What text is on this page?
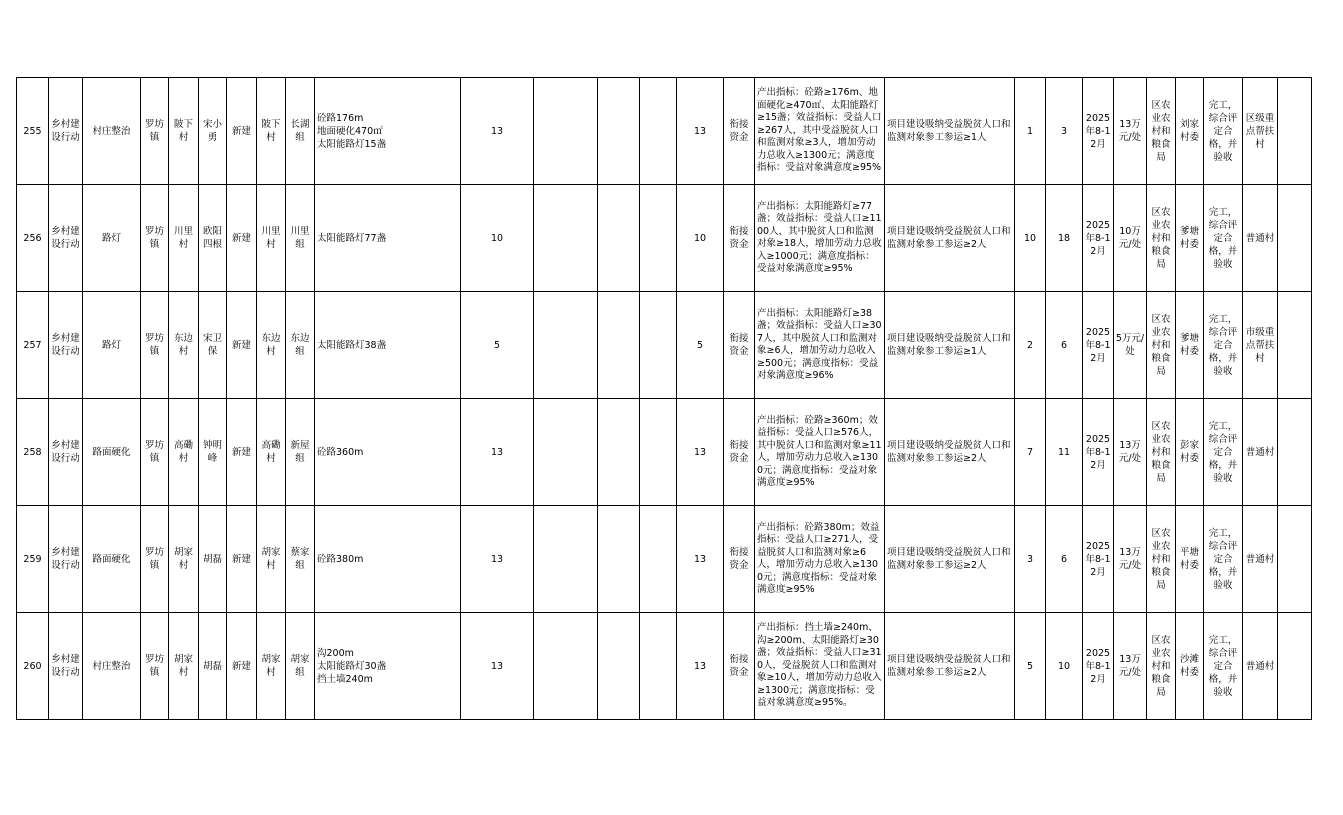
255	乡村建设行动	村庄整治	罗坊镇	陂下村	宋小勇	新建	陂下村	长湖组	砼路176m
地面硬化470㎡
太阳能路灯15盏	13				13	衔接资金	产出指标：砼路≥176m、地面硬化≥470㎡、太阳能路灯≥15盏；效益指标：受益人口≥267人，其中受益脱贫人口和监测对象≥3人，增加劳动力总收入≥1300元；满意度指标：受益对象满意度≥95%	项目建设吸纳受益脱贫人口和监测对象参工参运≥1人	1	3	2025年8-12月	13万元/处	区农业农村和粮食局	刘家村委	完工，综合评定合格，并验收	区级重点帮扶村	
256	乡村建设行动	路灯	罗坊镇	川里村	欧阳四根	新建	川里村	川里组	太阳能路灯77盏	10				10	衔接资金	产出指标：太阳能路灯≥77盏；效益指标：受益人口≥1100人，其中脱贫人口和监测对象≥18人，增加劳动力总收入≥1000元；满意度指标：受益对象满意度≥95%	项目建设吸纳受益脱贫人口和监测对象参工参运≥2人	10	18	2025年8-12月	10万元/处	区农业农村和粮食局	爹塘村委	完工，综合评定合格，并验收	普通村	
257	乡村建设行动	路灯	罗坊镇	东边村	宋卫保	新建	东边村	东边组	太阳能路灯38盏	5				5	衔接资金	产出指标：太阳能路灯≥38盏；效益指标：受益人口≥307人，其中脱贫人口和监测对象≥6人，增加劳动力总收入≥500元；满意度指标：受益对象满意度≥96%	项目建设吸纳受益脱贫人口和监测对象参工参运≥1人	2	6	2025年8-12月	5万元/处	区农业农村和粮食局	爹塘村委	完工，综合评定合格，并验收	市级重点帮扶村	
258	乡村建设行动	路面硬化	罗坊镇	高磡村	钟明峰	新建	高磡村	新屋组	砼路360m	13				13	衔接资金	产出指标：砼路≥360m；效益指标：受益人口≥576人，其中脱贫人口和监测对象≥11人，增加劳动力总收入≥1300元；满意度指标：受益对象满意度≥95%	项目建设吸纳受益脱贫人口和监测对象参工参运≥2人	7	11	2025年8-12月	13万元/处	区农业农村和粮食局	彭家村委	完工，综合评定合格，并验收	普通村	
259	乡村建设行动	路面硬化	罗坊镇	胡家村	胡磊	新建	胡家村	蔡家组	砼路380m	13				13	衔接资金	产出指标：砼路380m；效益指标：受益人口≥271人，受益脱贫人口和监测对象≥6人，增加劳动力总收入≥1300元；满意度指标：受益对象满意度≥95%	项目建设吸纳受益脱贫人口和监测对象参工参运≥2人	3	6	2025年8-12月	13万元/处	区农业农村和粮食局	平塘村委	完工，综合评定合格，并验收	普通村	
260	乡村建设行动	村庄整治	罗坊镇	胡家村	胡磊	新建	胡家村	胡家组	沟200m
太阳能路灯30盏
挡土墙240m	13				13	衔接资金	产出指标：挡土墙≥240m、沟≥200m、太阳能路灯≥30盏；效益指标：受益人口≥310人，受益脱贫人口和监测对象≥10人，增加劳动力总收入≥1300元；满意度指标：受益对象满意度≥95%。	项目建设吸纳受益脱贫人口和监测对象参工参运≥2人	5	10	2025年8-12月	13万元/处	区农业农村和粮食局	沙滩村委	完工，综合评定合格，并验收	普通村	
